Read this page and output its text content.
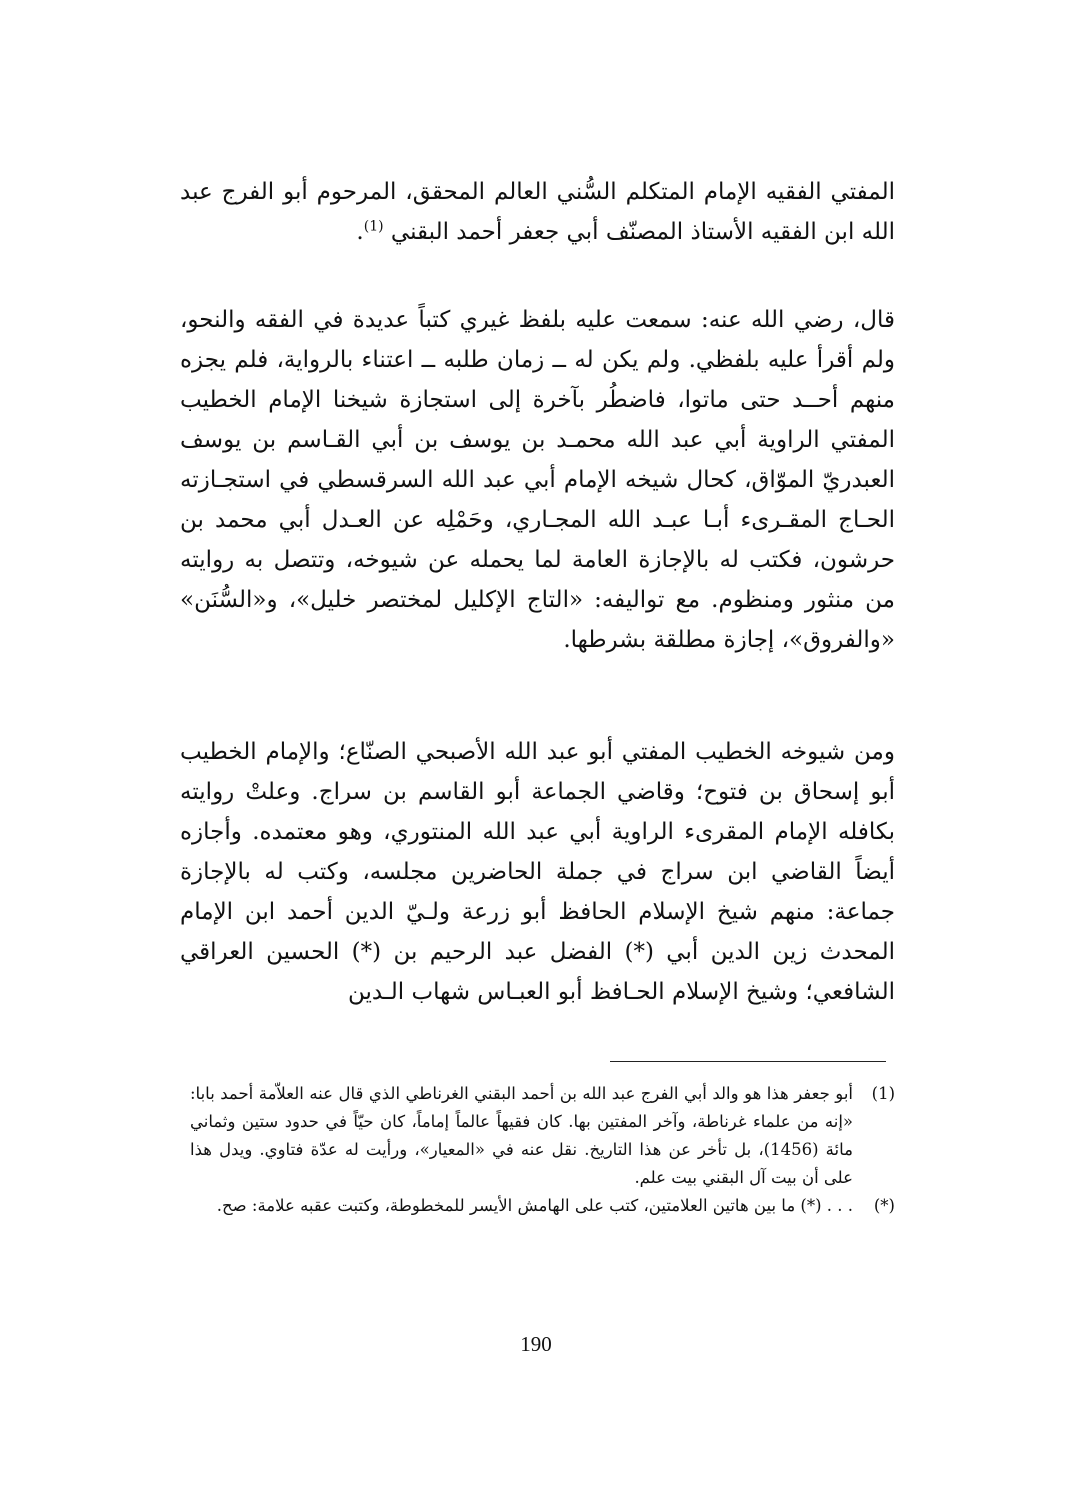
المفتي الفقيه الإمام المتكلم السُّني العالم المحقق، المرحوم أبو الفرج عبد الله ابن الفقيه الأستاذ المصنّف أبي جعفر أحمد البقني $^{(1)}$.

قال، رضي الله عنه: سمعت عليه بلفظ غيري كتباً عديدة في الفقه والنحو، ولم أقرأ عليه بلفظي. ولم يكن له ــ زمان طلبه ــ اعتناء بالرواية، فلم يجزه منهم أحــد حتى ماتوا، فاضطُر بآخرة إلى استجازة شيخنا الإمام الخطيب المفتي الراوية أبي عبد الله محمـد بن يوسف بن أبي القـاسم بن يوسف العبدريّ الموّاق، كحال شيخه الإمام أبي عبد الله السرقسطي في استجـازته الحـاج المقـرىء أبـا عبـد الله المجـاري، وحَمْلِه عن العـدل أبي محمد بن حرشون، فكتب له بالإجازة العامة لما يحمله عن شيوخه، وتتصل به روايته من منثور ومنظوم. مع تواليفه: «التاج الإكليل لمختصر خليل»، و«السُّنَن» «والفروق»، إجازة مطلقة بشرطها.

ومن شيوخه الخطيب المفتي أبو عبد الله الأصبحي الصنّاع؛ والإمام الخطيب أبو إسحاق بن فتوح؛ وقاضي الجماعة أبو القاسم بن سراج. وعلتْ روايته بكافله الإمام المقرىء الراوية أبي عبد الله المنتوري، وهو معتمده. وأجازه أيضاً القاضي ابن سراج في جملة الحاضرين مجلسه، وكتب له بالإجازة جماعة: منهم شيخ الإسلام الحافظ أبو زرعة ولـيّ الدين أحمد ابن الإمام المحدث زين الدين أبي (*) الفضل عبد الرحيم بن (*) الحسين العراقي الشافعي؛ وشيخ الإسلام الحـافظ أبو العبـاس شهاب الـدين

(1)
أبو جعفر هذا هو والد أبي الفرج عبد الله بن أحمد البقني الغرناطي الذي قال عنه العلاّمة أحمد بابا: «إنه من علماء غرناطة، وآخر المفتين بها. كان فقيهاً عالماً إماماً، كان حيّاً في حدود ستين وثماني مائة (1456)، بل تأخر عن هذا التاريخ. نقل عنه في «المعيار»، ورأيت له عدّة فتاوي. ويدل هذا على أن بيت آل البقني بيت علم.
(*)
. . . (*) ما بين هاتين العلامتين، كتب على الهامش الأيسر للمخطوطة، وكتبت عقبه علامة: صح.
190
